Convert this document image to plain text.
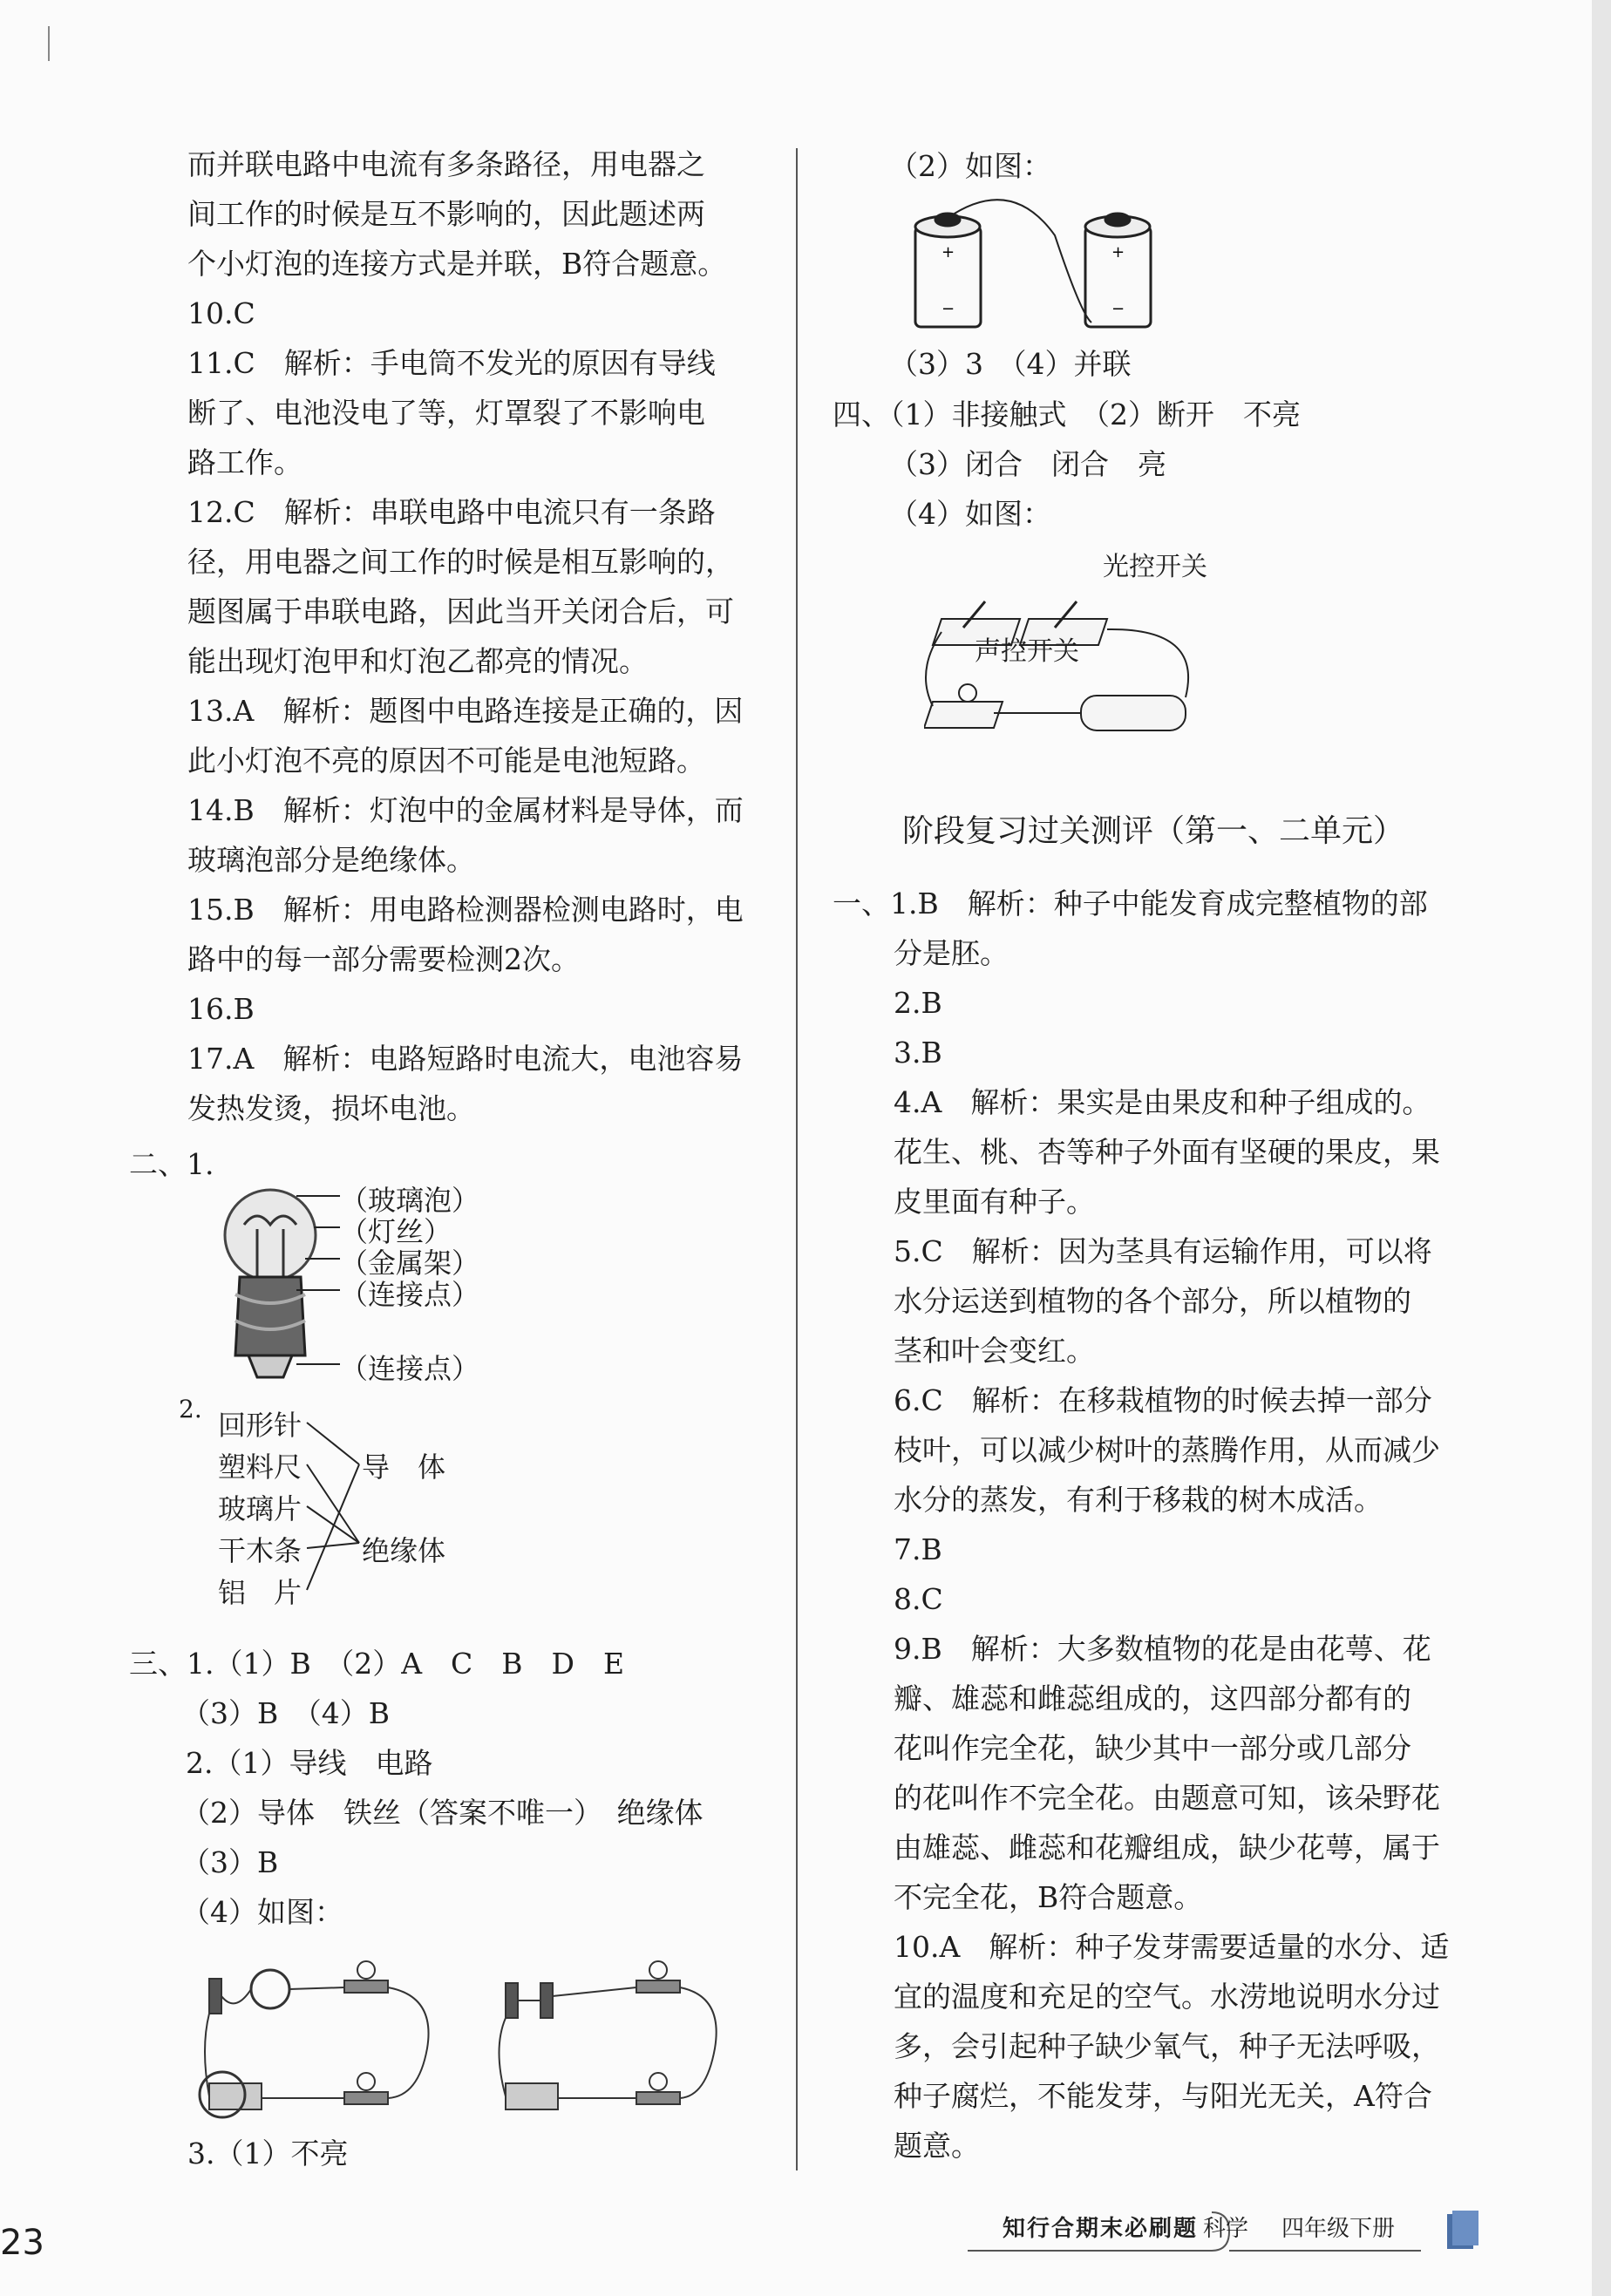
而并联电路中电流有多条路径，用电器之
间工作的时候是互不影响的，因此题述两
个小灯泡的连接方式是并联，B符合题意。
10.C
11.C　解析：手电筒不发光的原因有导线
断了、电池没电了等，灯罩裂了不影响电
路工作。
12.C　解析：串联电路中电流只有一条路
径，用电器之间工作的时候是相互影响的，
题图属于串联电路，因此当开关闭合后，可
能出现灯泡甲和灯泡乙都亮的情况。
13.A　解析：题图中电路连接是正确的，因
此小灯泡不亮的原因不可能是电池短路。
14.B　解析：灯泡中的金属材料是导体，而
玻璃泡部分是绝缘体。
15.B　解析：用电路检测器检测电路时，电
路中的每一部分需要检测2次。
16.B
17.A　解析：电路短路时电流大，电池容易
发热发烫，损坏电池。
二、1.
（玻璃泡）
（灯丝）
（金属架）
（连接点）
（连接点）
2. 回形针
塑料尺
玻璃片
干木条
铝　片
导　体
绝缘体
三、1.（1）B　（2）A　C　B　D　E
（3）B　（4）B
2.（1）导线　电路
（2）导体　铁丝（答案不唯一）　绝缘体
（3）B
（4）如图：
3.（1）不亮
（2）如图：
+
−
+
−
（3）3　（4）并联
四、（1）非接触式　（2）断开　不亮
（3）闭合　闭合　亮
（4）如图：
光控开关
声控开关
阶段复习过关测评（第一、二单元）
一、1.B　解析：种子中能发育成完整植物的部
分是胚。
2.B
3.B
4.A　解析：果实是由果皮和种子组成的。
花生、桃、杏等种子外面有坚硬的果皮，果
皮里面有种子。
5.C　解析：因为茎具有运输作用，可以将
水分运送到植物的各个部分，所以植物的
茎和叶会变红。
6.C　解析：在移栽植物的时候去掉一部分
枝叶，可以减少树叶的蒸腾作用，从而减少
水分的蒸发，有利于移栽的树木成活。
7.B
8.C
9.B　解析：大多数植物的花是由花萼、花
瓣、雄蕊和雌蕊组成的，这四部分都有的
花叫作完全花，缺少其中一部分或几部分
的花叫作不完全花。由题意可知，该朵野花
由雄蕊、雌蕊和花瓣组成，缺少花萼，属于
不完全花，B符合题意。
10.A　解析：种子发芽需要适量的水分、适
宜的温度和充足的空气。水涝地说明水分过
多，会引起种子缺少氧气，种子无法呼吸，
种子腐烂，不能发芽，与阳光无关，A符合
题意。
23	知行合期末必刷题 科学 四年级下册
